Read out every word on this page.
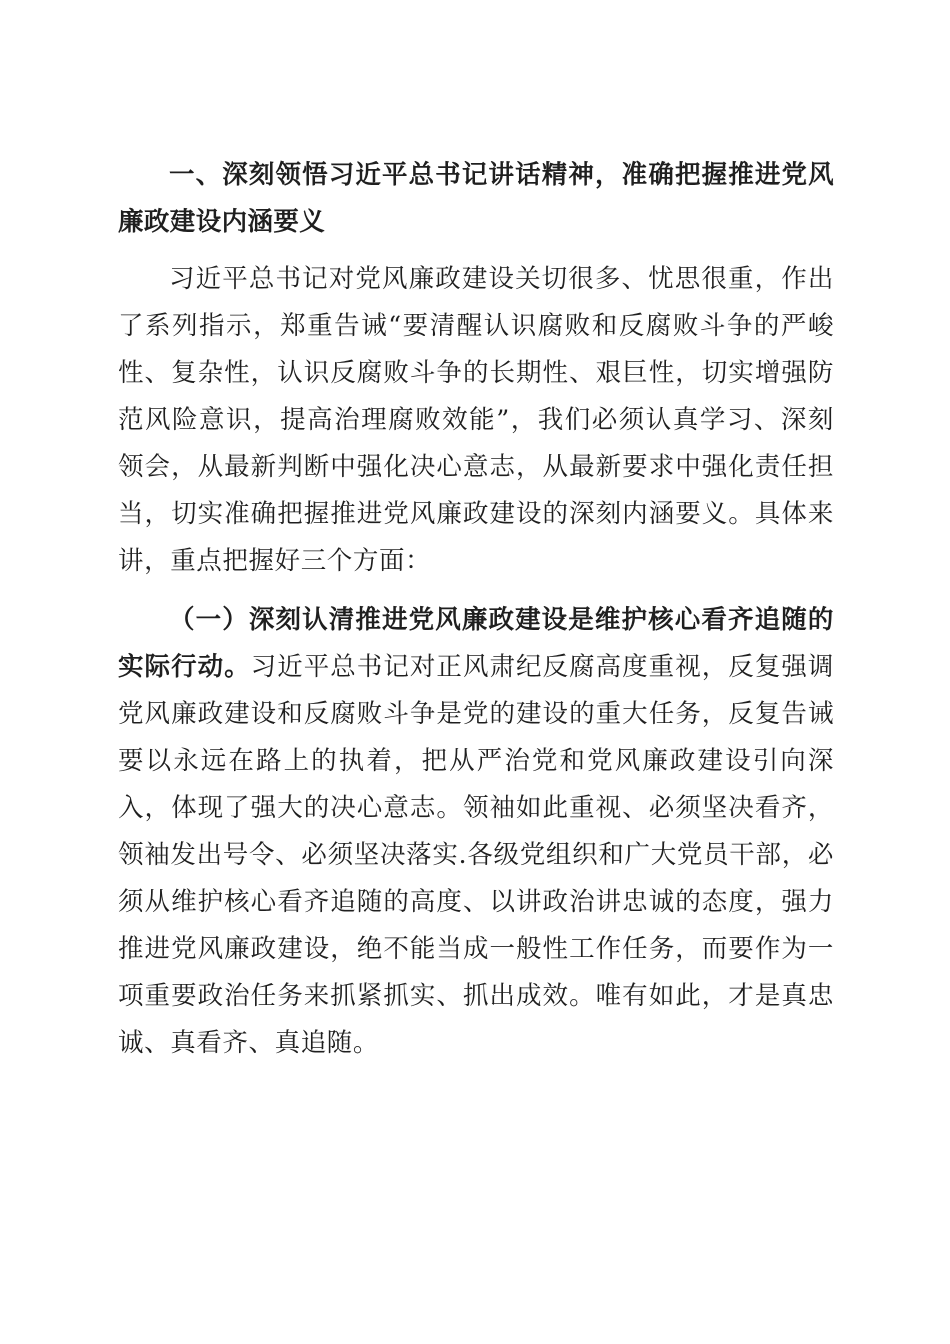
一、深刻领悟习近平总书记讲话精神，准确把握推进党风廉政建设内涵要义

习近平总书记对党风廉政建设关切很多、忧思很重，作出了系列指示，郑重告诫“要清醒认识腐败和反腐败斗争的严峻性、复杂性，认识反腐败斗争的长期性、艰巨性，切实增强防范风险意识，提高治理腐败效能”，我们必须认真学习、深刻领会，从最新判断中强化决心意志，从最新要求中强化责任担当，切实准确把握推进党风廉政建设的深刻内涵要义。具体来讲，重点把握好三个方面：

（一）深刻认清推进党风廉政建设是维护核心看齐追随的实际行动。习近平总书记对正风肃纪反腐高度重视，反复强调党风廉政建设和反腐败斗争是党的建设的重大任务，反复告诫要以永远在路上的执着，把从严治党和党风廉政建设引向深入，体现了强大的决心意志。领袖如此重视、必须坚决看齐，领袖发出号令、必须坚决落实.各级党组织和广大党员干部，必须从维护核心看齐追随的高度、以讲政治讲忠诚的态度，强力推进党风廉政建设，绝不能当成一般性工作任务，而要作为一项重要政治任务来抓紧抓实、抓出成效。唯有如此，才是真忠诚、真看齐、真追随。
